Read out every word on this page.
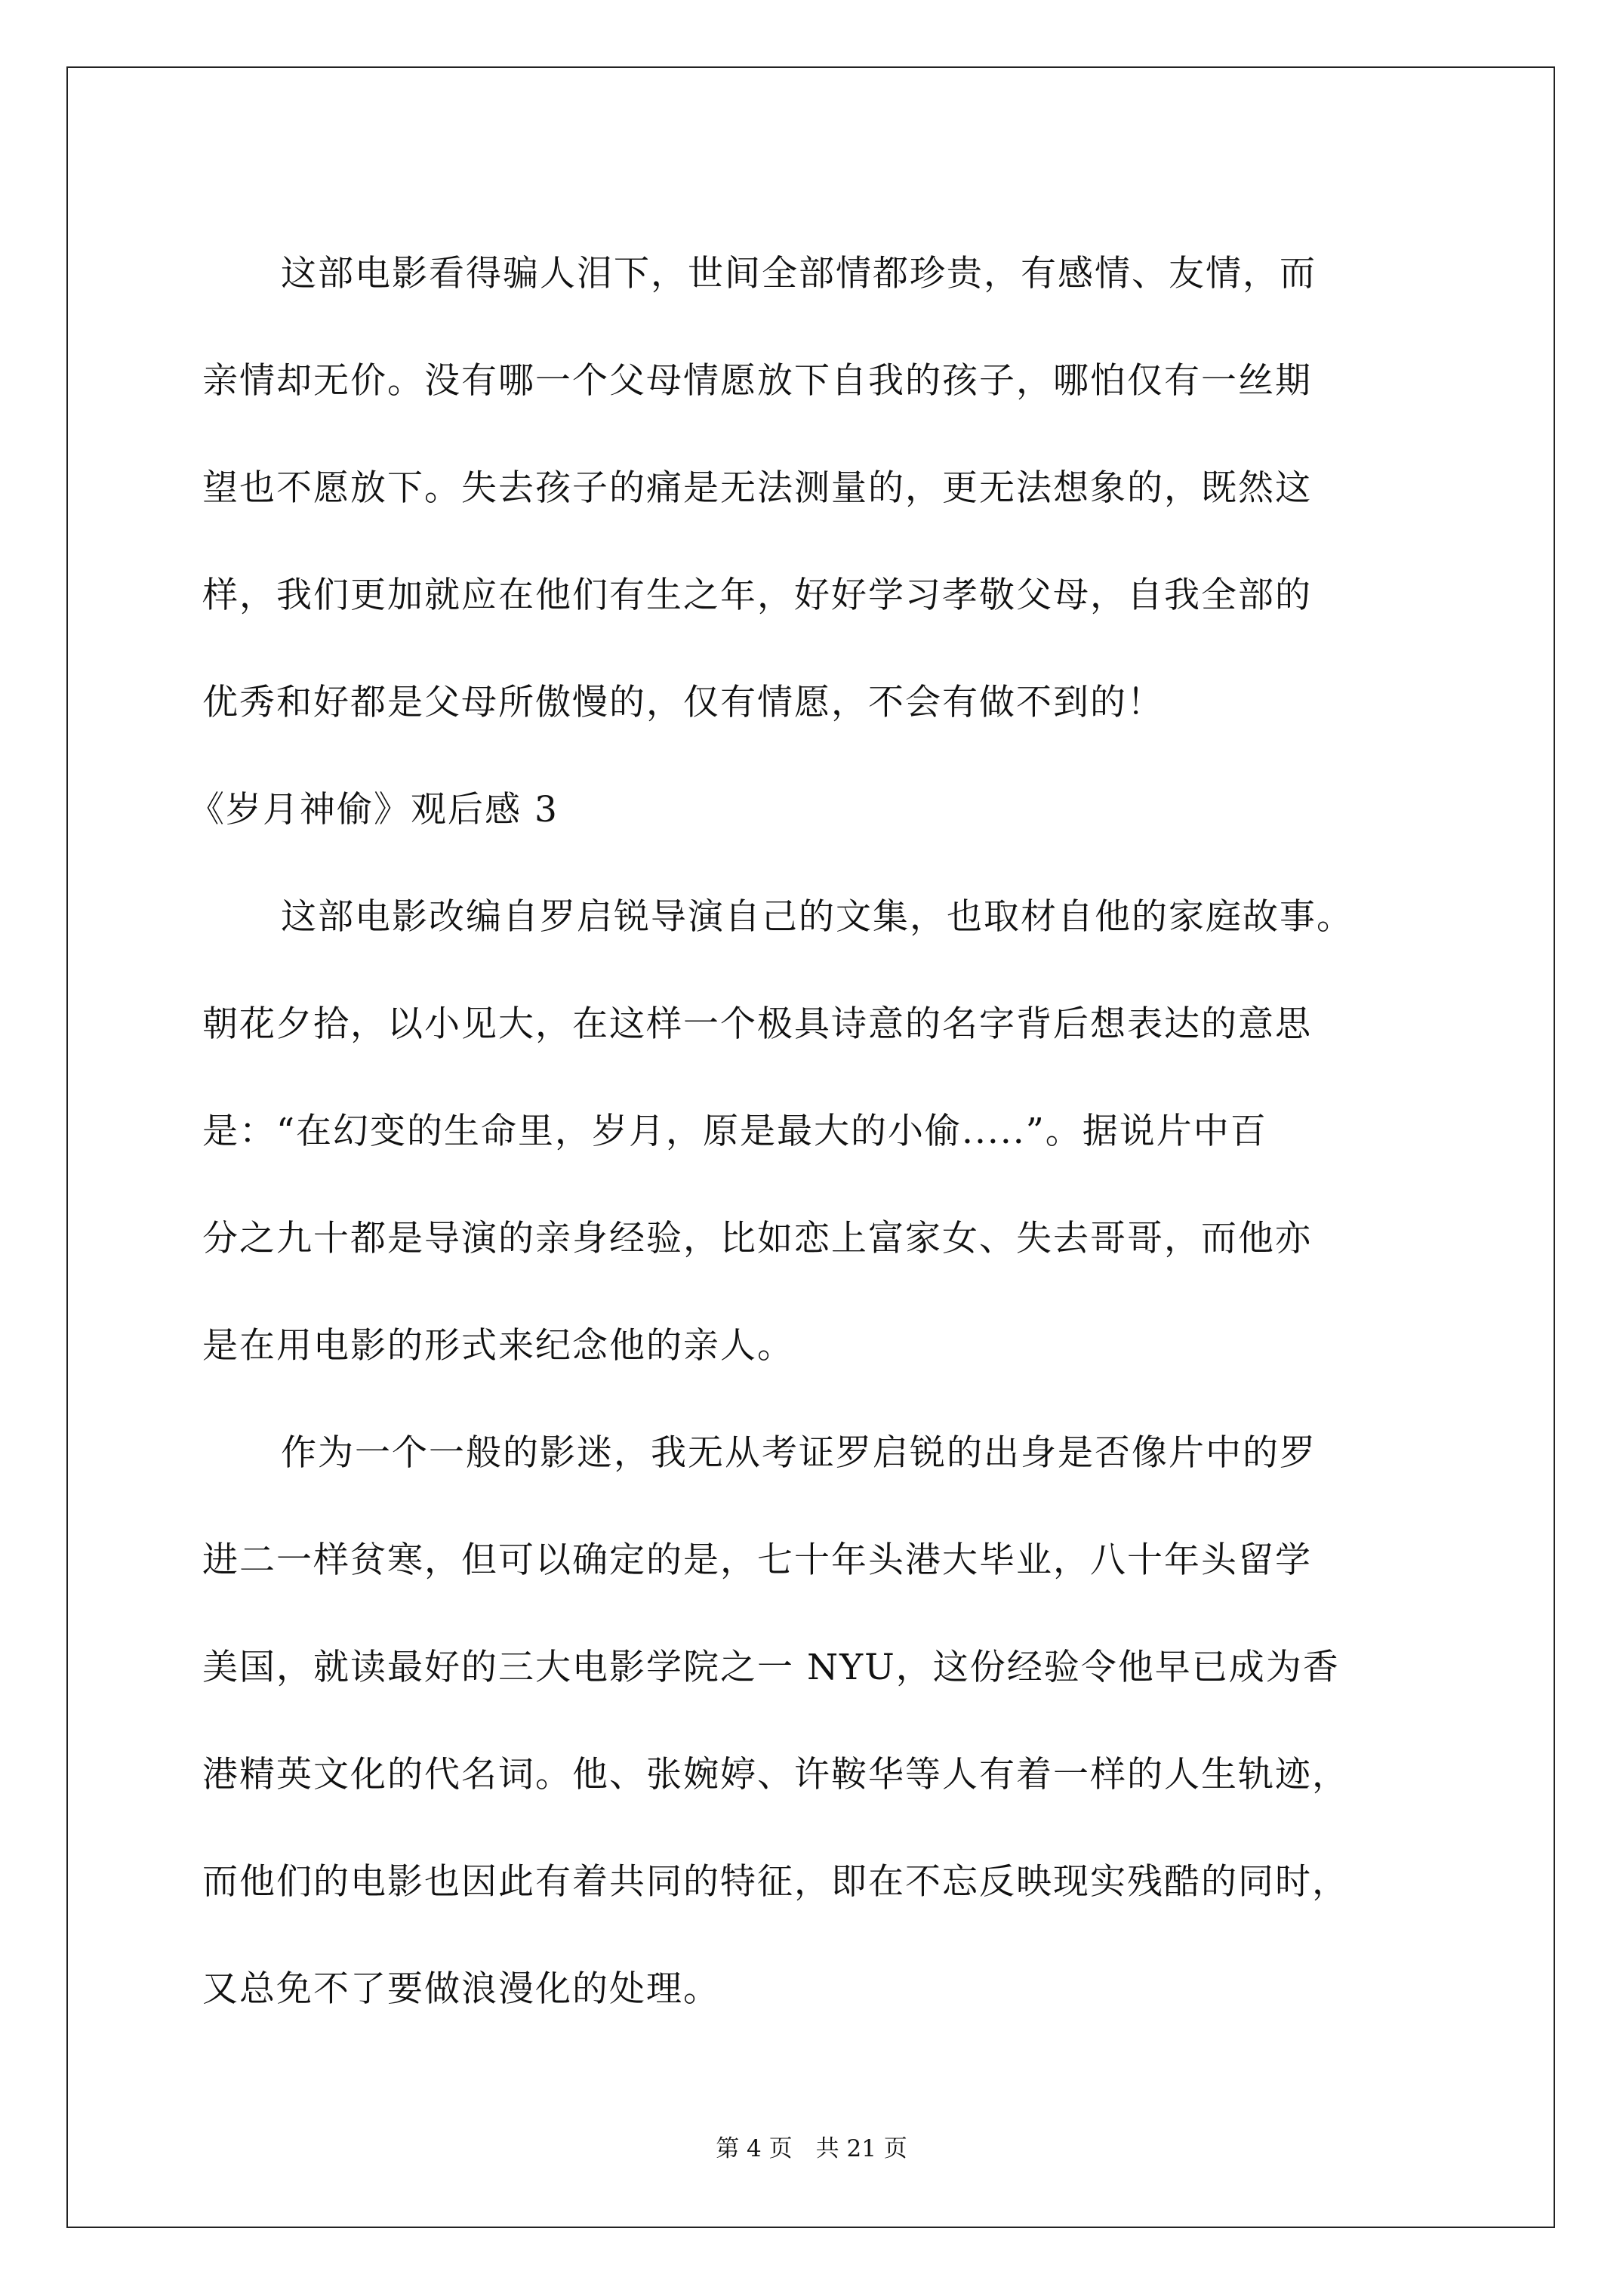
这部电影看得骗人泪下，世间全部情都珍贵，有感情、友情，而
亲情却无价。没有哪一个父母情愿放下自我的孩子，哪怕仅有一丝期
望也不愿放下。失去孩子的痛是无法测量的，更无法想象的，既然这
样，我们更加就应在他们有生之年，好好学习孝敬父母，自我全部的
优秀和好都是父母所傲慢的，仅有情愿，不会有做不到的！
《岁月神偷》观后感 3
这部电影改编自罗启锐导演自己的文集，也取材自他的家庭故事。
朝花夕拾，以小见大，在这样一个极具诗意的名字背后想表达的意思
是：“在幻变的生命里，岁月，原是最大的小偷.....”。据说片中百
分之九十都是导演的亲身经验，比如恋上富家女、失去哥哥，而他亦
是在用电影的形式来纪念他的亲人。
作为一个一般的影迷，我无从考证罗启锐的出身是否像片中的罗
进二一样贫寒，但可以确定的是，七十年头港大毕业，八十年头留学
美国，就读最好的三大电影学院之一 NYU，这份经验令他早已成为香
港精英文化的代名词。他、张婉婷、许鞍华等人有着一样的人生轨迹，
而他们的电影也因此有着共同的特征，即在不忘反映现实残酷的同时，
又总免不了要做浪漫化的处理。
第 4 页　共 21 页
